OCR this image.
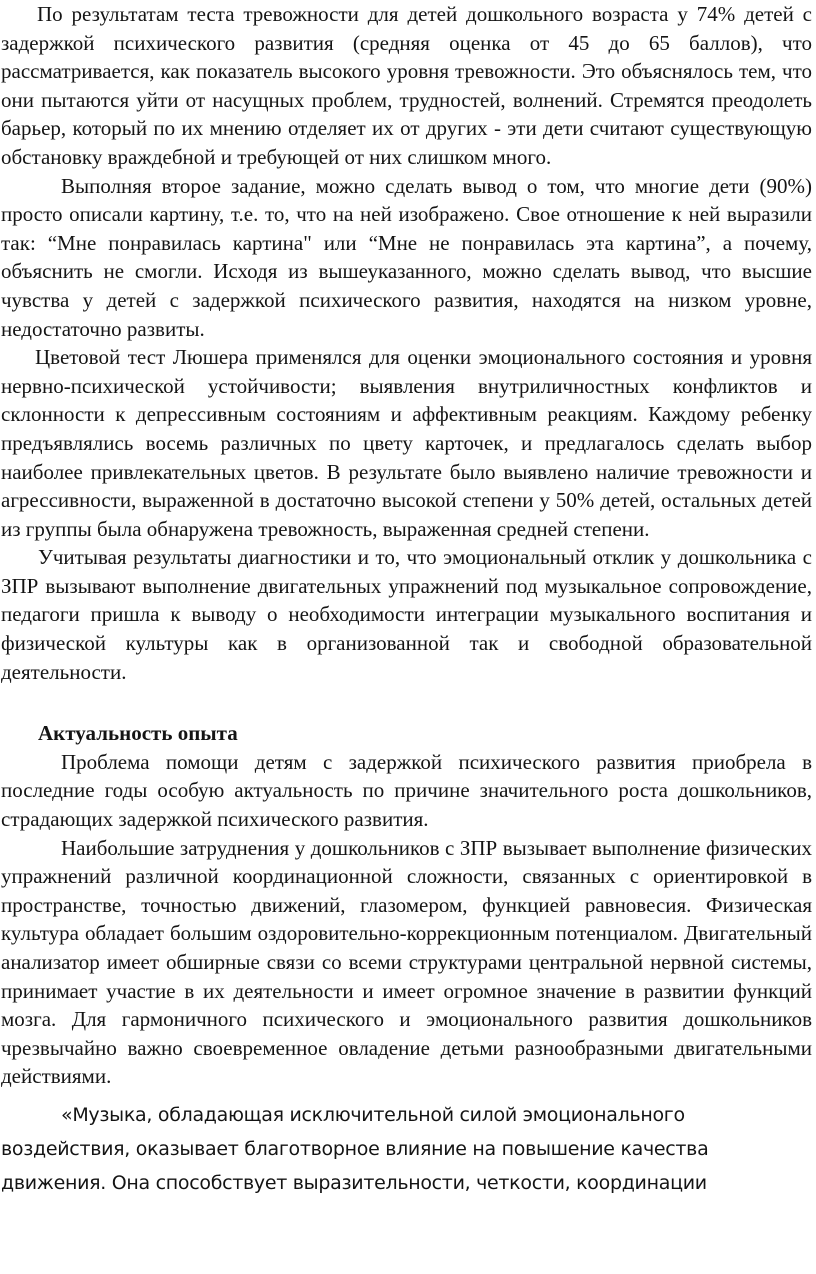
По результатам теста тревожности для детей дошкольного возраста у 74% детей с задержкой психического развития (средняя оценка от 45 до 65 баллов), что рассматривается, как показатель высокого уровня тревожности. Это объяснялось тем, что они пытаются уйти от насущных проблем, трудностей, волнений. Стремятся преодолеть барьер, который по их мнению отделяет их от других - эти дети считают существующую обстановку враждебной и требующей от них слишком много.

Выполняя второе задание, можно сделать вывод о том, что многие дети (90%) просто описали картину, т.е. то, что на ней изображено. Свое отношение к ней выразили так: “Мне понравилась картина" или “Мне не понравилась эта картина”, а почему, объяснить не смогли. Исходя из вышеуказанного, можно сделать вывод, что высшие чувства у детей с задержкой психического развития, находятся на низком уровне, недостаточно развиты.

Цветовой тест Люшера применялся для оценки эмоционального состояния и уровня нервно-психической устойчивости; выявления внутриличностных конфликтов и склонности к депрессивным состояниям и аффективным реакциям. Каждому ребенку предъявлялись восемь различных по цвету карточек, и предлагалось сделать выбор наиболее привлекательных цветов. В результате было выявлено наличие тревожности и агрессивности, выраженной в достаточно высокой степени у 50% детей, остальных детей из группы была обнаружена тревожность, выраженная средней степени.

Учитывая результаты диагностики и то, что эмоциональный отклик у дошкольника с ЗПР вызывают выполнение двигательных упражнений под музыкальное сопровождение, педагоги пришла к выводу о необходимости интеграции музыкального воспитания и физической культуры как в организованной так и свободной образовательной деятельности.

Актуальность опыта

Проблема помощи детям с задержкой психического развития приобрела в последние годы особую актуальность по причине значительного роста дошкольников, страдающих задержкой психического развития.

Наибольшие затруднения у дошкольников с ЗПР вызывает выполнение физических упражнений различной координационной сложности, связанных с ориентировкой в пространстве, точностью движений, глазомером, функцией равновесия. Физическая культура обладает большим оздоровительно-коррекционным потенциалом. Двигательный анализатор имеет обширные связи со всеми структурами центральной нервной системы, принимает участие в их деятельности и имеет огромное значение в развитии функций мозга. Для гармоничного психического и эмоционального развития дошкольников чрезвычайно важно своевременное овладение детьми разнообразными двигательными действиями.

«Музыка, обладающая исключительной силой эмоционального воздействия, оказывает благотворное влияние на повышение качества движения. Она способствует выразительности, четкости, координации
